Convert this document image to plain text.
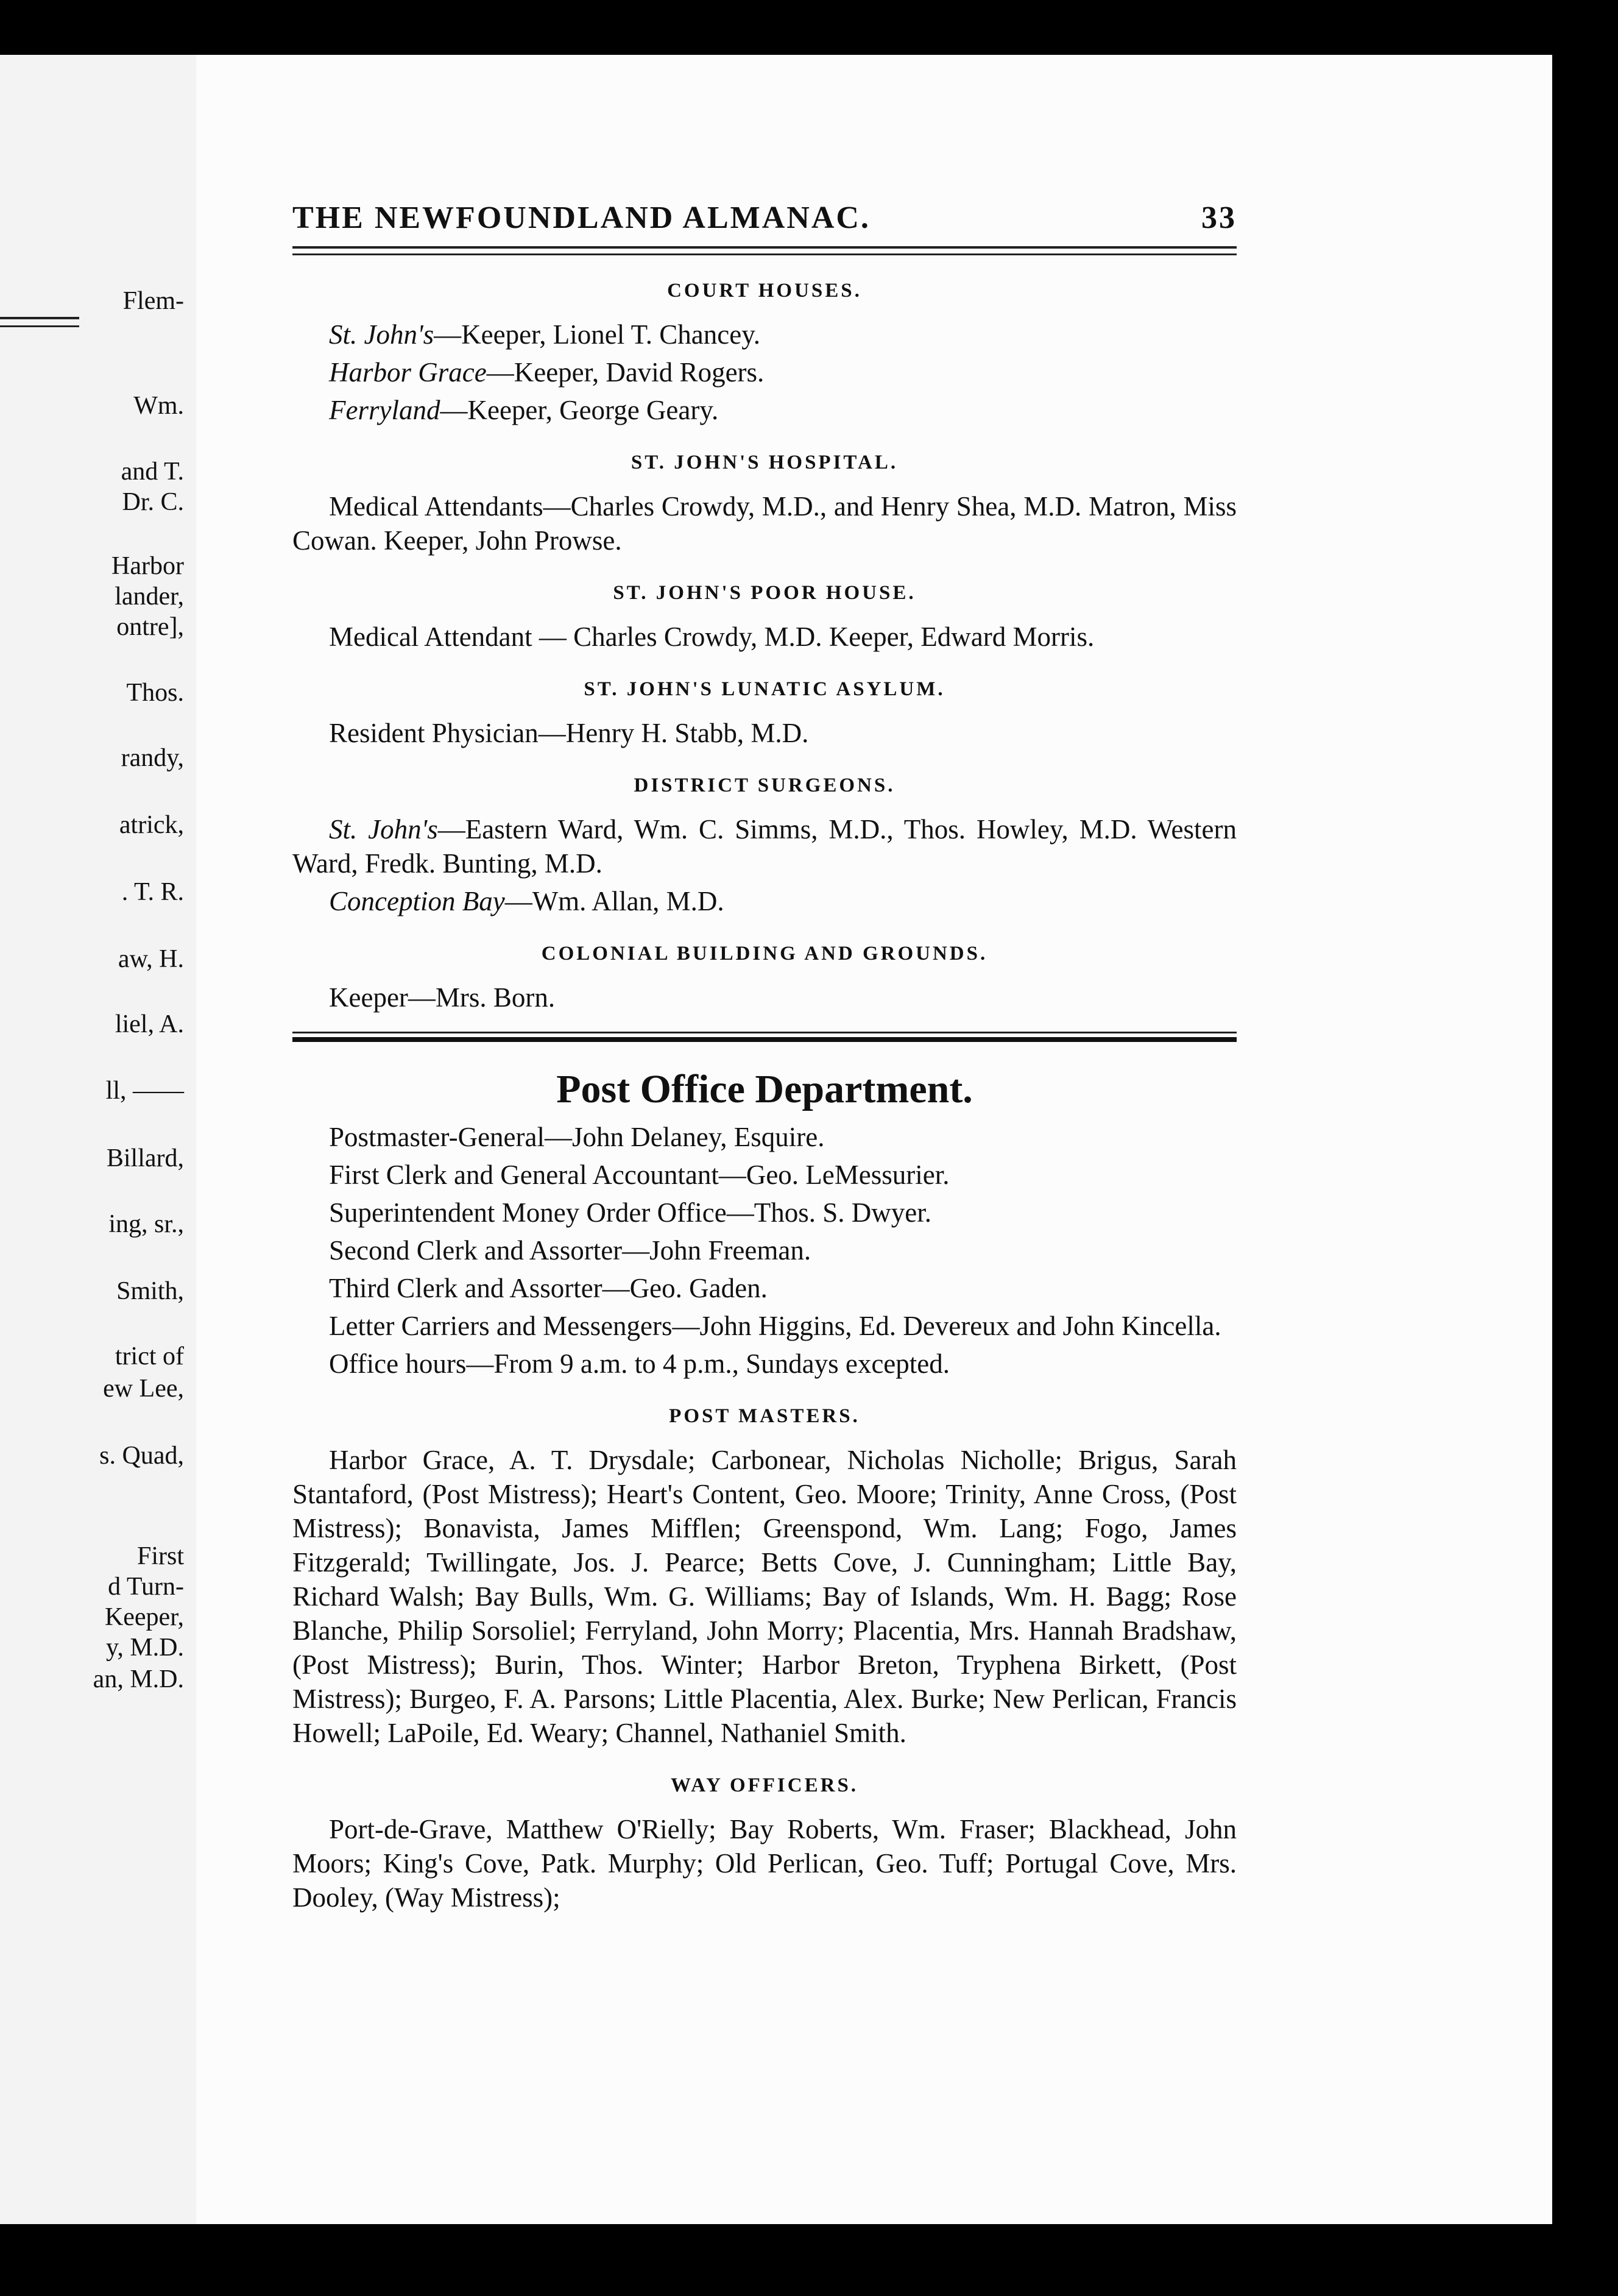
Flem-
Wm.
and T.
Dr. C.
Harbor
lander,
ontre],
Thos.
randy,
atrick,
. T. R.
aw, H.
liel, A.
ll, ——
Billard,
ing, sr.,
Smith,
trict of
ew Lee,
s. Quad,
First
d Turn-
Keeper,
y, M.D.
an, M.D.
THE NEWFOUNDLAND ALMANAC.	33
COURT HOUSES.
St. John's—Keeper, Lionel T. Chancey.
Harbor Grace—Keeper, David Rogers.
Ferryland—Keeper, George Geary.
ST. JOHN'S HOSPITAL.
Medical Attendants—Charles Crowdy, M.D., and Henry Shea, M.D. Matron, Miss Cowan. Keeper, John Prowse.
ST. JOHN'S POOR HOUSE.
Medical Attendant — Charles Crowdy, M.D. Keeper, Edward Morris.
ST. JOHN'S LUNATIC ASYLUM.
Resident Physician—Henry H. Stabb, M.D.
DISTRICT SURGEONS.
St. John's—Eastern Ward, Wm. C. Simms, M.D., Thos. Howley, M.D. Western Ward, Fredk. Bunting, M.D.
Conception Bay—Wm. Allan, M.D.
COLONIAL BUILDING AND GROUNDS.
Keeper—Mrs. Born.
Post Office Department.
Postmaster-General—John Delaney, Esquire.
First Clerk and General Accountant—Geo. LeMessurier.
Superintendent Money Order Office—Thos. S. Dwyer.
Second Clerk and Assorter—John Freeman.
Third Clerk and Assorter—Geo. Gaden.
Letter Carriers and Messengers—John Higgins, Ed. Devereux and John Kincella.
Office hours—From 9 a.m. to 4 p.m., Sundays excepted.
POST MASTERS.
Harbor Grace, A. T. Drysdale; Carbonear, Nicholas Nicholle; Brigus, Sarah Stantaford, (Post Mistress); Heart's Content, Geo. Moore; Trinity, Anne Cross, (Post Mistress); Bonavista, James Mifflen; Greenspond, Wm. Lang; Fogo, James Fitzgerald; Twillingate, Jos. J. Pearce; Betts Cove, J. Cunningham; Little Bay, Richard Walsh; Bay Bulls, Wm. G. Williams; Bay of Islands, Wm. H. Bagg; Rose Blanche, Philip Sorsoliel; Ferryland, John Morry; Placentia, Mrs. Hannah Bradshaw, (Post Mistress); Burin, Thos. Winter; Harbor Breton, Tryphena Birkett, (Post Mistress); Burgeo, F. A. Parsons; Little Placentia, Alex. Burke; New Perlican, Francis Howell; LaPoile, Ed. Weary; Channel, Nathaniel Smith.
WAY OFFICERS.
Port-de-Grave, Matthew O'Rielly; Bay Roberts, Wm. Fraser; Blackhead, John Moors; King's Cove, Patk. Murphy; Old Perlican, Geo. Tuff; Portugal Cove, Mrs. Dooley, (Way Mistress);
